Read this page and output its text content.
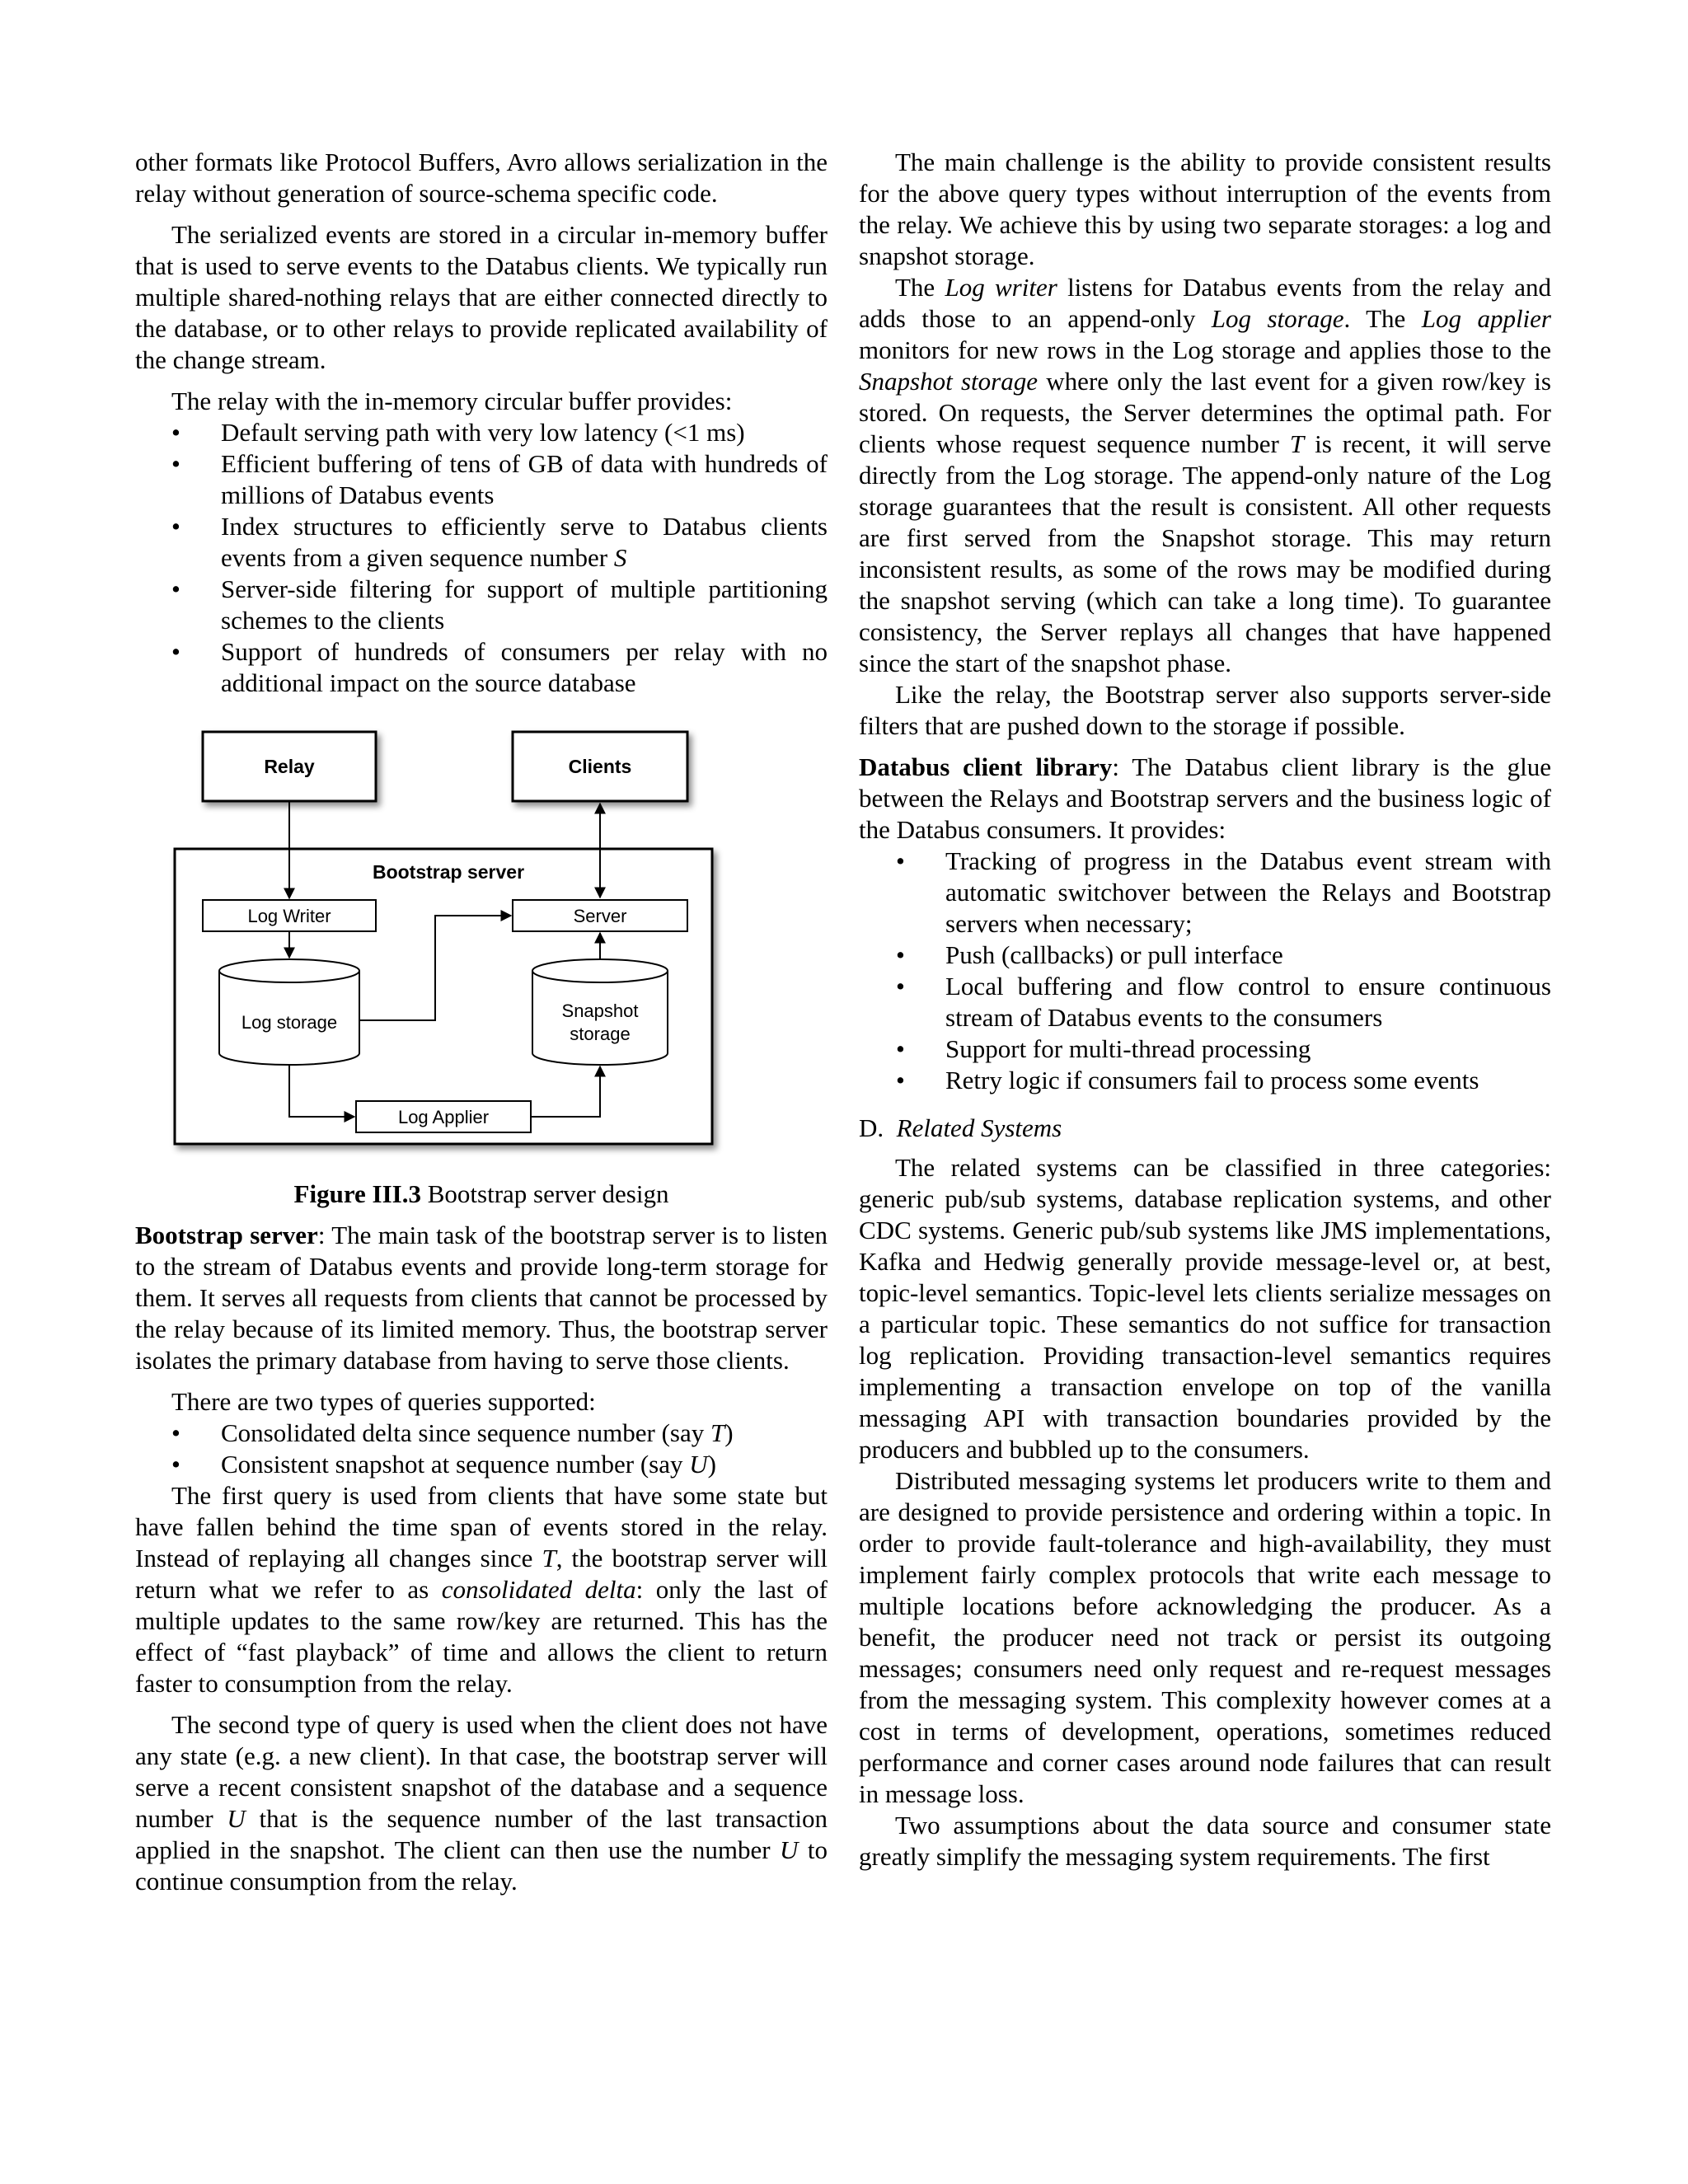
other formats like Protocol Buffers, Avro allows serialization in the relay without generation of source-schema specific code.

The serialized events are stored in a circular in-memory buffer that is used to serve events to the Databus clients. We typically run multiple shared-nothing relays that are either connected directly to the database, or to other relays to provide replicated availability of the change stream.

The relay with the in-memory circular buffer provides:

• Default serving path with very low latency (<1 ms)
• Efficient buffering of tens of GB of data with hundreds of millions of Databus events
• Index structures to efficiently serve to Databus clients events from a given sequence number S
• Server-side filtering for support of multiple partitioning schemes to the clients
• Support of hundreds of consumers per relay with no additional impact on the source database
Relay	Clients
Bootstrap server
Log Writer	Server
Log Applier
Log storage
Snapshot
storage

Figure III.3 Bootstrap server design

Bootstrap server: The main task of the bootstrap server is to listen to the stream of Databus events and provide long-term storage for them. It serves all requests from clients that cannot be processed by the relay because of its limited memory. Thus, the bootstrap server isolates the primary database from having to serve those clients.

There are two types of queries supported:

• Consolidated delta since sequence number (say T)
• Consistent snapshot at sequence number (say U)

The first query is used from clients that have some state but have fallen behind the time span of events stored in the relay. Instead of replaying all changes since T, the bootstrap server will return what we refer to as consolidated delta: only the last of multiple updates to the same row/key are returned. This has the effect of “fast playback” of time and allows the client to return faster to consumption from the relay.

The second type of query is used when the client does not have any state (e.g. a new client). In that case, the bootstrap server will serve a recent consistent snapshot of the database and a sequence number U that is the sequence number of the last transaction applied in the snapshot. The client can then use the number U to continue consumption from the relay.

The main challenge is the ability to provide consistent results for the above query types without interruption of the events from the relay. We achieve this by using two separate storages: a log and snapshot storage.

The Log writer listens for Databus events from the relay and adds those to an append-only Log storage. The Log applier monitors for new rows in the Log storage and applies those to the Snapshot storage where only the last event for a given row/key is stored. On requests, the Server determines the optimal path. For clients whose request sequence number T is recent, it will serve directly from the Log storage. The append-only nature of the Log storage guarantees that the result is consistent. All other requests are first served from the Snapshot storage. This may return inconsistent results, as some of the rows may be modified during the snapshot serving (which can take a long time). To guarantee consistency, the Server replays all changes that have happened since the start of the snapshot phase.

Like the relay, the Bootstrap server also supports server-side filters that are pushed down to the storage if possible.

Databus client library: The Databus client library is the glue between the Relays and Bootstrap servers and the business logic of the Databus consumers. It provides:

• Tracking of progress in the Databus event stream with automatic switchover between the Relays and Bootstrap servers when necessary;
• Push (callbacks) or pull interface
• Local buffering and flow control to ensure continuous stream of Databus events to the consumers
• Support for multi-thread processing
• Retry logic if consumers fail to process some events

D. Related Systems

The related systems can be classified in three categories: generic pub/sub systems, database replication systems, and other CDC systems. Generic pub/sub systems like JMS implementations, Kafka and Hedwig generally provide message-level or, at best, topic-level semantics. Topic-level lets clients serialize messages on a particular topic. These semantics do not suffice for transaction log replication. Providing transaction-level semantics requires implementing a transaction envelope on top of the vanilla messaging API with transaction boundaries provided by the producers and bubbled up to the consumers.

Distributed messaging systems let producers write to them and are designed to provide persistence and ordering within a topic. In order to provide fault-tolerance and high-availability, they must implement fairly complex protocols that write each message to multiple locations before acknowledging the producer. As a benefit, the producer need not track or persist its outgoing messages; consumers need only request and re-request messages from the messaging system. This complexity however comes at a cost in terms of development, operations, sometimes reduced performance and corner cases around node failures that can result in message loss.

Two assumptions about the data source and consumer state greatly simplify the messaging system requirements. The first
